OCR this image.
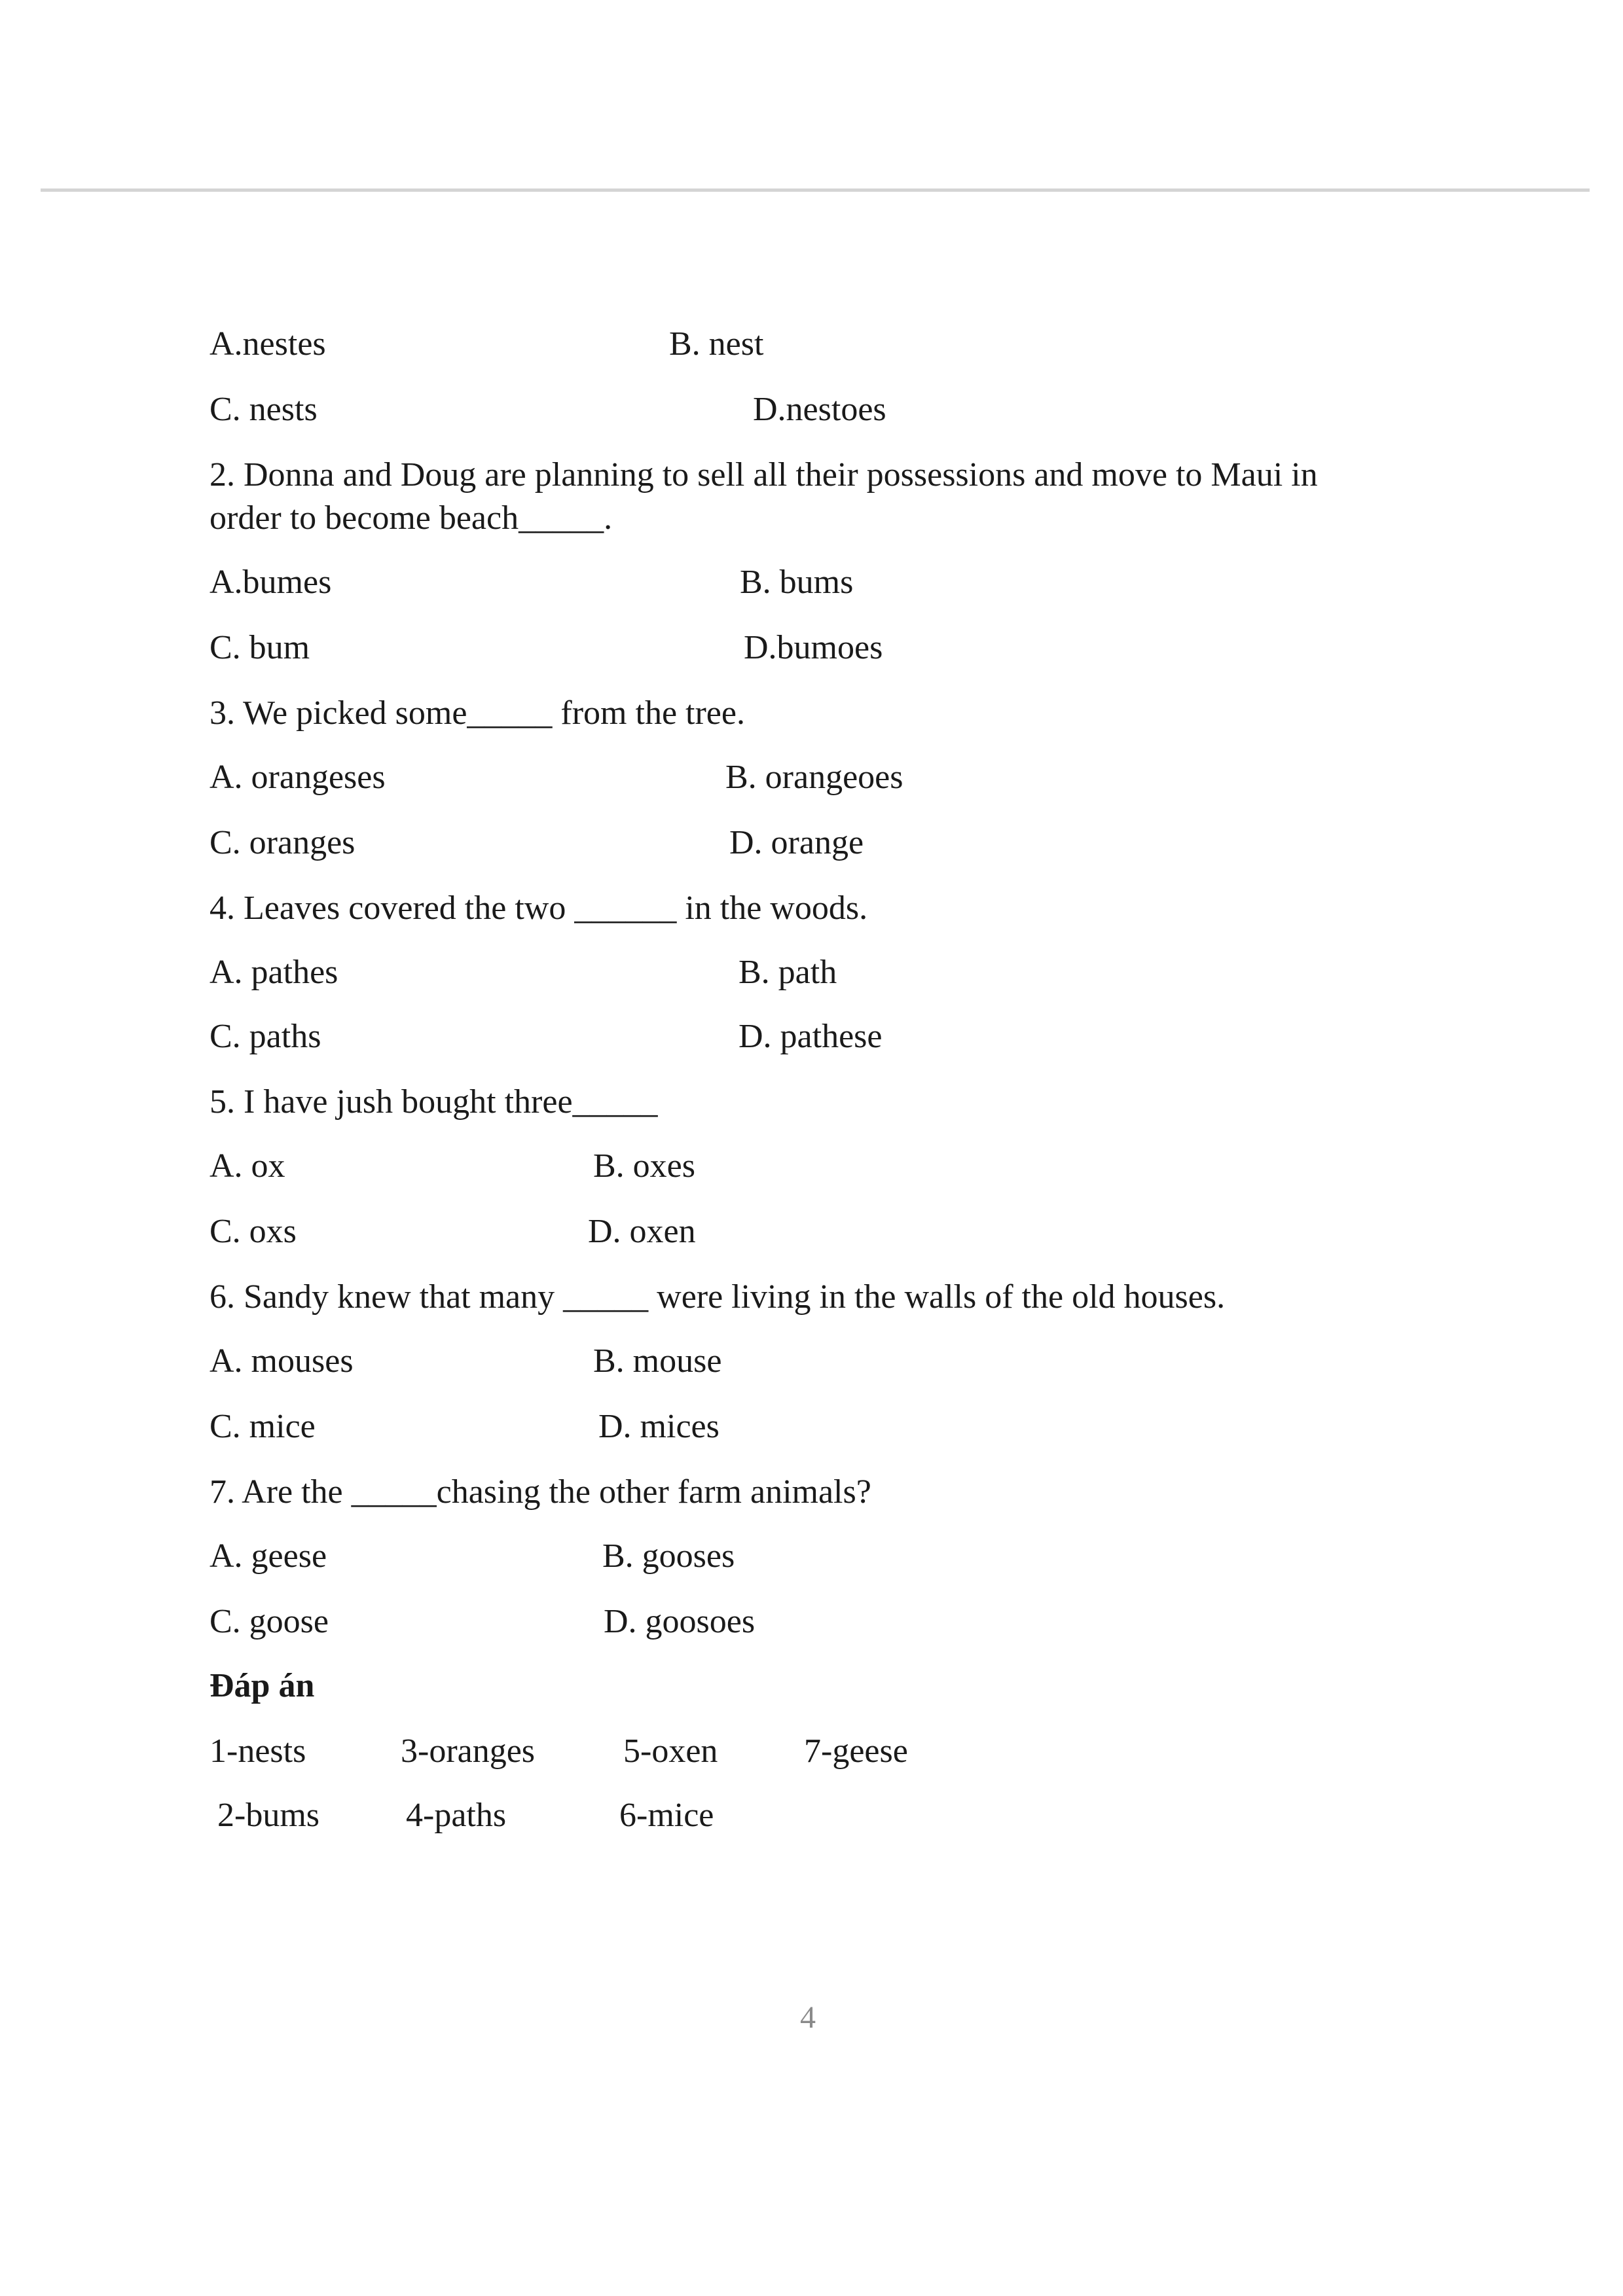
A.nestes	B. nest
C. nests	D.nestoes
2. Donna and Doug are planning to sell all their possessions and move to Maui in
order to become beach_____.
A.bumes	B. bums
C. bum	D.bumoes
3. We picked some_____ from the tree.
A. orangeses	B. orangeoes
C. oranges	D. orange
4. Leaves covered the two ______ in the woods.
A. pathes	B. path
C. paths	D. pathese
5. I have jush bought three_____
A. ox	B. oxes
C. oxs	D. oxen
6. Sandy knew that many _____ were living in the walls of the old houses.
A. mouses	B. mouse
C. mice	D. mices
7. Are the _____chasing the other farm animals?
A. geese	B. gooses
C. goose	D. goosoes
Đáp án
1-nests	3-oranges	5-oxen	7-geese
2-bums	4-paths	6-mice
4
